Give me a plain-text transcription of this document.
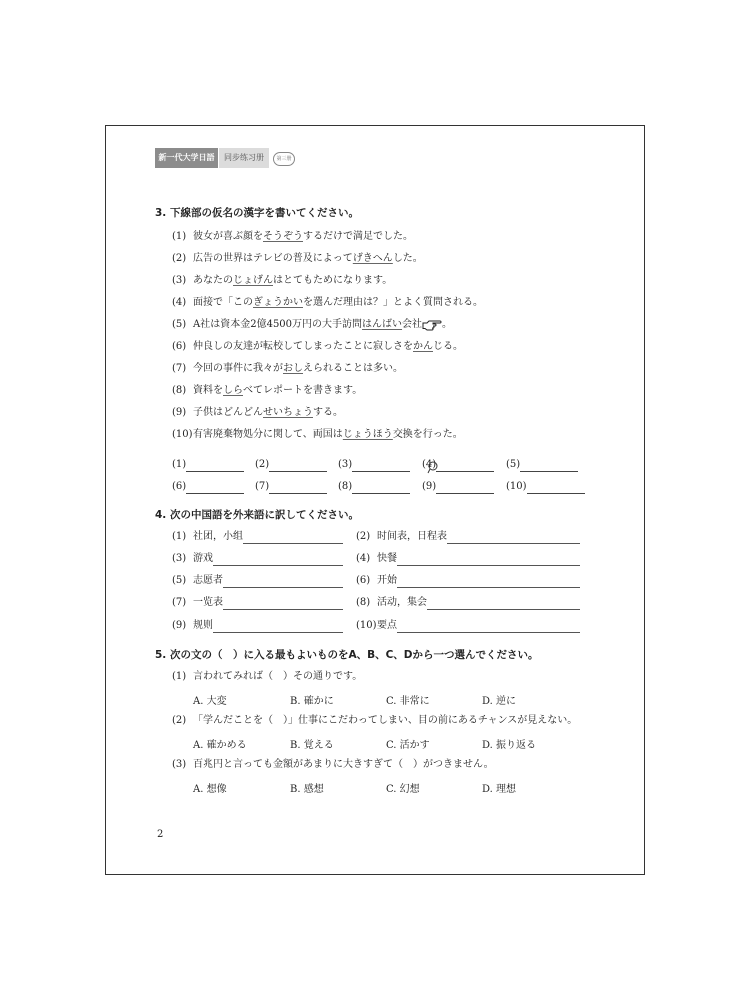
新一代大学日語	同步练习册	第三册
3. 下線部の仮名の漢字を書いてください。
(1) 彼女が喜ぶ顔をそうぞうするだけで満足でした。
(2) 広告の世界はテレビの普及によってげきへんした。
(3) あなたのじょげんはとてもためになります。
(4) 面接で「このぎょうかいを選んだ理由は？」とよく質問される。
(5) A社は資本金2億4500万円の大手訪問はんばい会社 。
(6) 仲良しの友達が転校してしまったことに寂しさをかんじる。
(7) 今回の事件に我々がおしえられることは多い。
(8) 資料をしらべてレポートを書きます。
(9) 子供はどんどんせいちょうする。
(10)有害廃棄物処分に関して、両国はじょうほう交換を行った。
(1)	(2)	(3)	(4)	(5)
(6)	(7)	(8)	(9)	(10)
4. 次の中国語を外来語に訳してください。
(1) 社团，小组	(2) 时间表，日程表
(3) 游戏	(4) 快餐
(5) 志愿者	(6) 开始
(7) 一览表	(8) 活动，集会
(9) 规则	(10) 要点
5. 次の文の（　）に入る最もよいものをA、B、C、Dから一つ選んでください。
(1) 言われてみれば（　）その通りです。
A. 大変	B. 確かに	C. 非常に	D. 逆に
(2) 「学んだことを（　）」仕事にこだわってしまい、目の前にあるチャンスが見えない。
A. 確かめる	B. 覚える	C. 活かす	D. 振り返る
(3) 百兆円と言っても金額があまりに大きすぎて（　）がつきません。
A. 想像	B. 感想	C. 幻想	D. 理想
2
